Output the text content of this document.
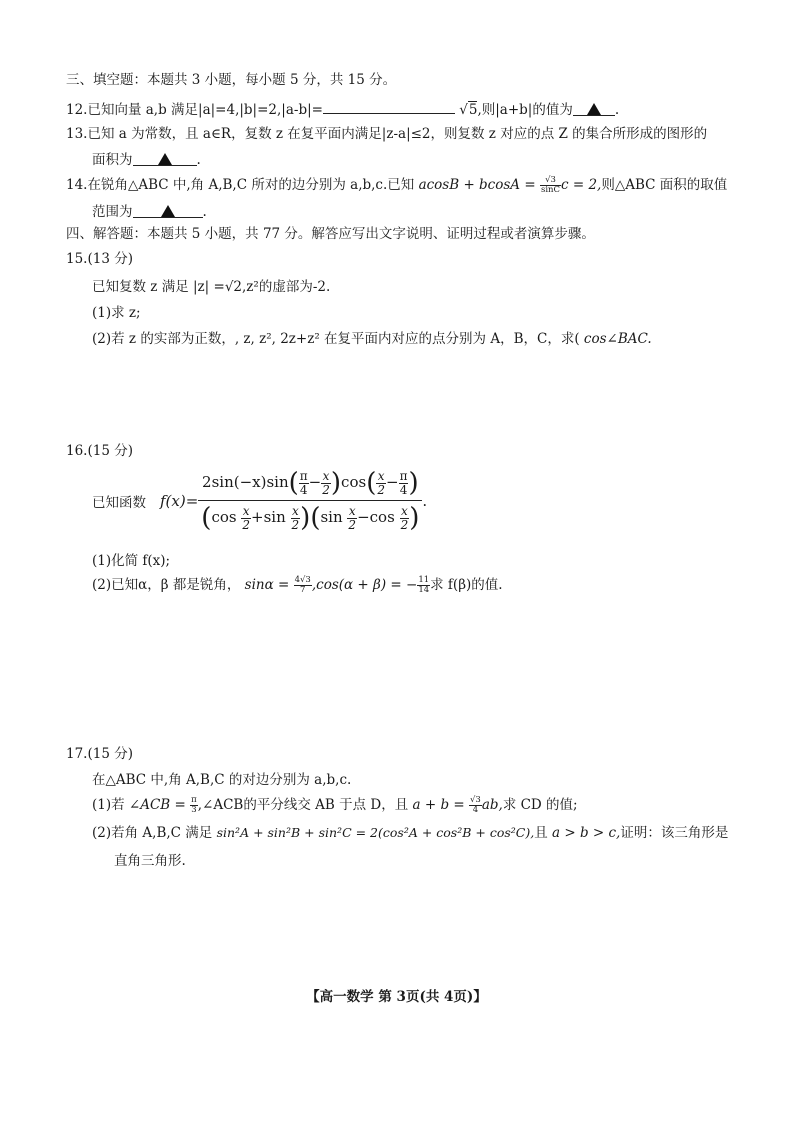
三、填空题：本题共 3 小题，每小题 5 分，共 15 分。
12.已知向量 a,b 满足|a|=4,|b|=2,|a-b|=	√5,则|a+b|的值为	.
13.已知 a 为常数，且 a∈R，复数 z 在复平面内满足|z-a|≤2，则复数 z 对应的点 Z 的集合所形成的图形的
面积为	.
14.在锐角△ABC 中,角 A,B,C 所对的边分别为 a,b,c.已知 $acosB + bcosA = \frac{√3}{\sin C}$ c = 2,则△ABC 面积的取值
范围为	.
四、解答题：本题共 5 小题，共 77 分。解答应写出文字说明、证明过程或者演算步骤。
15.(13 分)
已知复数 z 满足 |z| =√2,z²的虚部为-2.
(1)求 z;
(2)若 z 的实部为正数，, z, z², 2z+z² 在复平面内对应的点分别为 A，B，C，求( cos∠BAC.
16.(15 分)
已知函数 $f(x)= \frac{2\sin(-x)\sin( \frac{\pi}{4} - \frac{x}{2} )\cos( \frac{x}{2} - \frac{\pi}{4} )}{(\cos \frac{x}{2} +\sin \frac{x}{2} )(\sin \frac{x}{2} -\cos \frac{x}{2} )}$ .
(1)化简 f(x);
(2)已知α，β 都是锐角， $\sin\alpha = \frac{4√3}{7} ,\cos(\alpha + \beta)$ = − $\frac{11}{14}$ 求 f(β)的值.
17.(15 分)
在△ABC 中,角 A,B,C 的对边分别为 a,b,c.
(1)若 ∠ACB = $\frac{\pi}{3}$ ,∠ACB的平分线交 AB 于点 D，且 $a + b = \frac{√3}{4}$ ab,求 CD 的值;
(2)若角 A,B,C 满足 sin²A + sin²B + sin²C = 2(cos²A + cos²B + cos²C),且 a > b > c,证明：该三角形是
直角三角形.
【高一数学 第 3页(共 4页)】
